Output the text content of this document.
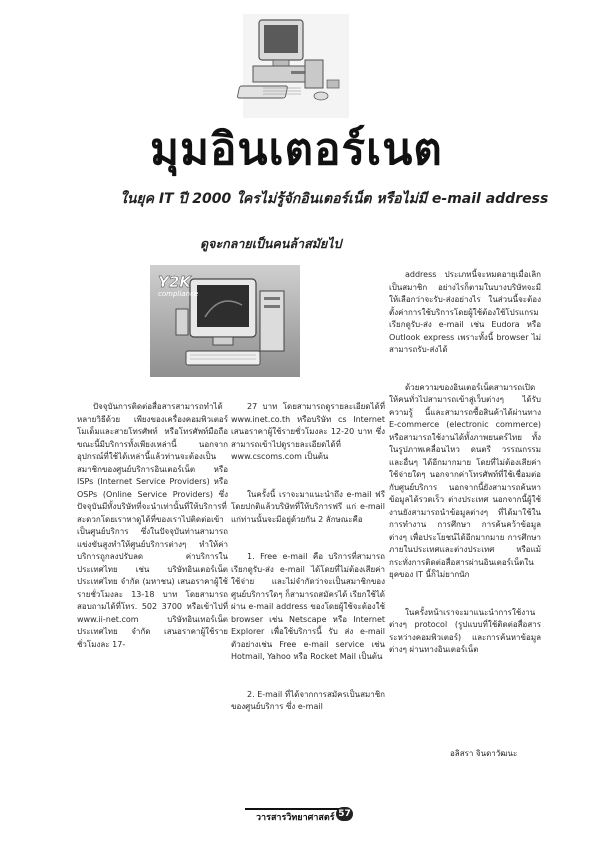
มุมอินเตอร์เนต
ในยุค IT ปี 2000 ใครไม่รู้จักอินเตอร์เน็ต หรือไม่มี e-mail address
ดูจะกลายเป็นคนล้าสมัยไป
Y2K
compliance

ปัจจุบันการติดต่อสื่อสารสามารถทำได้หลายวิธีด้วย เพียงของเครื่องคอมพิวเตอร์ โมเด็มและสายโทรศัพท์ หรือโทรศัพท์มือถือ ขณะนี้มีบริการทั้งเพียงเหล่านี้ นอกจากอุปกรณ์ที่ใช้ได้เหล่านี้แล้วท่านจะต้องเป็นสมาชิกของศูนย์บริการอินเตอร์เน็ต หรือ ISPs (Internet Service Providers) หรือ OSPs (Online Service Providers) ซึ่งปัจจุบันมีทั้งบริษัทที่จะนำเท่านั้นที่ให้บริการที่สะดวกโดยเราหาดูได้ที่ของเราไปติดต่อเข้าเป็นศูนย์บริการ ซึ่งในปัจจุบันท่านสามารถแข่งขันสูงทำให้ศูนย์บริการต่างๆ ทำให้ค่าบริการถูกลงปรับลด ค่าบริการในประเทศไทย เช่น บริษัทอินเตอร์เน็ตประเทศไทย จำกัด (มหาชน) เสนอราคาผู้ใช้รายชั่วโมงละ 13-18 บาท โดยสามารถสอบถามได้ที่โทร. 502 3700 หรือเข้าไปที่ www.ii-net.com บริษัทอินเทอร์เน็ตประเทศไทย จำกัด เสนอราคาผู้ใช้รายชั่วโมงละ 17-

27 บาท โดยสามารถดูรายละเอียดได้ที่ www.inet.co.th หรือบริษัท cs Internet เสนอราคาผู้ใช้รายชั่วโมงละ 12-20 บาท ซึ่งสามารถเข้าไปดูรายละเอียดได้ที่ www.cscoms.com เป็นต้น

ในครั้งนี้ เราจะมาแนะนำถึง e-mail ฟรี โดยปกติแล้วบริษัทที่ให้บริการฟรี แก่ e-mail แก่ท่านนั้นจะมีอยู่ด้วยกัน 2 ลักษณะคือ

1. Free e-mail คือ บริการที่สามารถเรียกดูรับ-ส่ง e-mail ได้โดยที่ไม่ต้องเสียค่าใช้จ่าย และไม่จำกัดว่าจะเป็นสมาชิกของศูนย์บริการใดๆ ก็สามารถสมัครได้ เรียกใช้ได้ผ่าน e-mail address ของโดยผู้ใช้จะต้องใช้ browser เช่น Netscape หรือ Internet Explorer เพื่อใช้บริการนี้ รับ ส่ง e-mail ตัวอย่างเช่น Free e-mail service เช่น Hotmail, Yahoo หรือ Rocket Mail เป็นต้น

2. E-mail ที่ได้จากการสมัครเป็นสมาชิกของศูนย์บริการ ซึ่ง e-mail

address ประเภทนี้จะหมดอายุเมื่อเลิกเป็นสมาชิก อย่างไรก็ตามในบางบริษัทจะมีให้เลือกว่าจะรับ-ส่งอย่างไร ในส่วนนี้จะต้องตั้งค่าการใช้บริการโดยผู้ใช้ต้องใช้โปรแกรมเรียกดูรับ-ส่ง e-mail เช่น Eudora หรือ Outlook express เพราะทั้งนี้ browser ไม่สามารถรับ-ส่งได้

ด้วยความของอินเตอร์เน็ตสามารถเปิดให้คนทั่วไปสามารถเข้าสู่เว็บต่างๆ ได้รับความรู้ นี้และสามารถซื้อสินค้าได้ผ่านทาง E-commerce (electronic commerce) หรือสามารถใช้งานได้ทั้งภาพยนตร์ไทย ทั้งในรูปภาพเคลื่อนไหว ดนตรี วรรณกรรม และอื่นๆ ได้อีกมากมาย โดยที่ไม่ต้องเสียค่าใช้จ่ายใดๆ นอกจากค่าโทรศัพท์ที่ใช้เชื่อมต่อกับศูนย์บริการ นอกจากนี้ยังสามารถค้นหาข้อมูลได้รวดเร็ว ต่างประเทศ นอกจากนี้ผู้ใช้งานยังสามารถนำข้อมูลต่างๆ ที่ได้มาใช้ในการทำงาน การศึกษา การค้นคว้าข้อมูลต่างๆ เพื่อประโยชน์ได้อีกมากมาย การศึกษาภายในประเทศและต่างประเทศ หรือแม้กระทั่งการติดต่อสื่อสารผ่านอินเตอร์เน็ตในยุคของ IT นี้ก็ไม่ยากนัก

ในครั้งหน้าเราจะมาแนะนำการใช้งานต่างๆ protocol (รูปแบบที่ใช้ติดต่อสื่อสารระหว่างคอมพิวเตอร์) และการค้นหาข้อมูลต่างๆ ผ่านทางอินเตอร์เน็ต

อลิสรา จินดาวัฒนะ
วารสารวิทยาศาสตร์ 57
